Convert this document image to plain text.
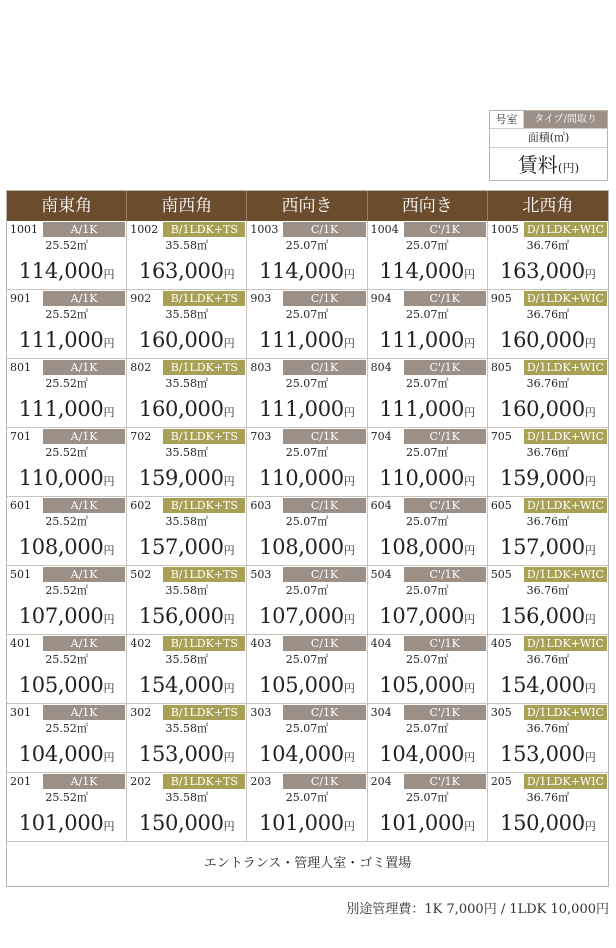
号室	タイプ/間取り
面積(㎡)
賃料(円)
南東角	南西角	西向き	西向き	北西角
1001	A/1K
25.52㎡
114,000円
1002	B/1LDK+TS
35.58㎡
163,000円
1003	C/1K
25.07㎡
114,000円
1004	C'/1K
25.07㎡
114,000円
1005 D/1LDK+WIC
36.76㎡
163,000円
901	A/1K
25.52㎡
111,000円
902	B/1LDK+TS
35.58㎡
160,000円
903	C/1K
25.07㎡
111,000円
904	C'/1K
25.07㎡
111,000円
905	D/1LDK+WIC
36.76㎡
160,000円
801	A/1K
25.52㎡
111,000円
802	B/1LDK+TS
35.58㎡
160,000円
803	C/1K
25.07㎡
111,000円
804	C'/1K
25.07㎡
111,000円
805	D/1LDK+WIC
36.76㎡
160,000円
701	A/1K
25.52㎡
110,000円
702	B/1LDK+TS
35.58㎡
159,000円
703	C/1K
25.07㎡
110,000円
704	C'/1K
25.07㎡
110,000円
705	D/1LDK+WIC
36.76㎡
159,000円
601	A/1K
25.52㎡
108,000円
602	B/1LDK+TS
35.58㎡
157,000円
603	C/1K
25.07㎡
108,000円
604	C'/1K
25.07㎡
108,000円
605	D/1LDK+WIC
36.76㎡
157,000円
501	A/1K
25.52㎡
107,000円
502	B/1LDK+TS
35.58㎡
156,000円
503	C/1K
25.07㎡
107,000円
504	C'/1K
25.07㎡
107,000円
505	D/1LDK+WIC
36.76㎡
156,000円
401	A/1K
25.52㎡
105,000円
402	B/1LDK+TS
35.58㎡
154,000円
403	C/1K
25.07㎡
105,000円
404	C'/1K
25.07㎡
105,000円
405	D/1LDK+WIC
36.76㎡
154,000円
301	A/1K
25.52㎡
104,000円
302	B/1LDK+TS
35.58㎡
153,000円
303	C/1K
25.07㎡
104,000円
304	C'/1K
25.07㎡
104,000円
305	D/1LDK+WIC
36.76㎡
153,000円
201	A/1K
25.52㎡
101,000円
202	B/1LDK+TS
35.58㎡
150,000円
203	C/1K
25.07㎡
101,000円
204	C'/1K
25.07㎡
101,000円
205	D/1LDK+WIC
36.76㎡
150,000円
エントランス・管理人室・ゴミ置場
別途管理費：1K 7,000円 / 1LDK 10,000円
